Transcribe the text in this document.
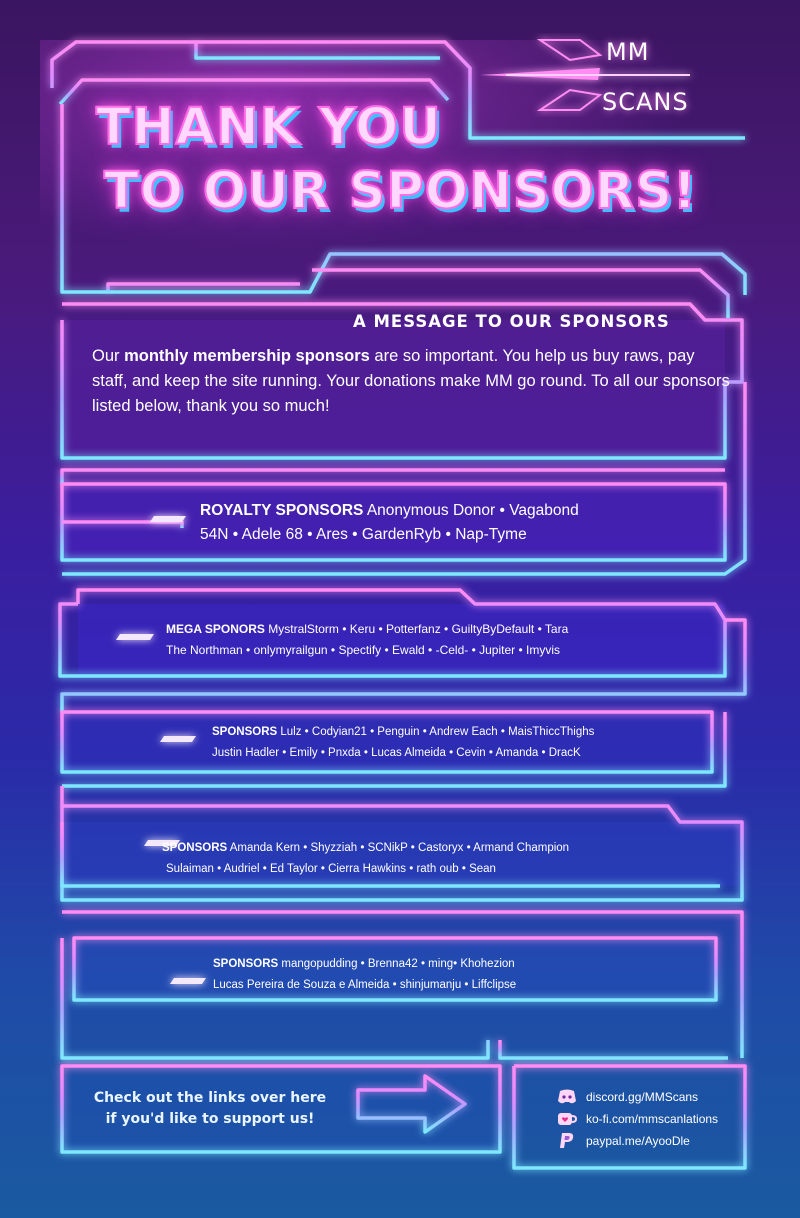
MM
SCANS
THANK YOU
TO OUR SPONSORS!
A MESSAGE TO OUR SPONSORS
Our monthly membership sponsors are so important. You help us buy raws, pay staff, and keep the site running. Your donations make MM go round. To all our sponsors listed below, thank you so much!
ROYALTY SPONSORS Anonymous Donor • Vagabond
54N • Adele 68 • Ares • GardenRyb • Nap-Tyme
MEGA SPONORS MystralStorm • Keru • Potterfanz • GuiltyByDefault • Tara
The Northman • onlymyrailgun • Spectify • Ewald • -Celd- • Jupiter • Imyvis
SPONSORS Lulz • Codyian21 • Penguin • Andrew Each • MaisThiccThighs
Justin Hadler • Emily • Pnxda • Lucas Almeida • Cevin • Amanda • DracK
SPONSORS Amanda Kern • Shyzziah • SCNikP • Castoryx • Armand Champion
Sulaiman • Audriel • Ed Taylor • Cierra Hawkins • rath oub • Sean
SPONSORS mangopudding • Brenna42 • ming• Khohezion
Lucas Pereira de Souza e Almeida • shinjumanju • Liffclipse
Check out the links over here
if you'd like to support us!
discord.gg/MMScans
ko-fi.com/mmscanlations
paypal.me/AyooDle
